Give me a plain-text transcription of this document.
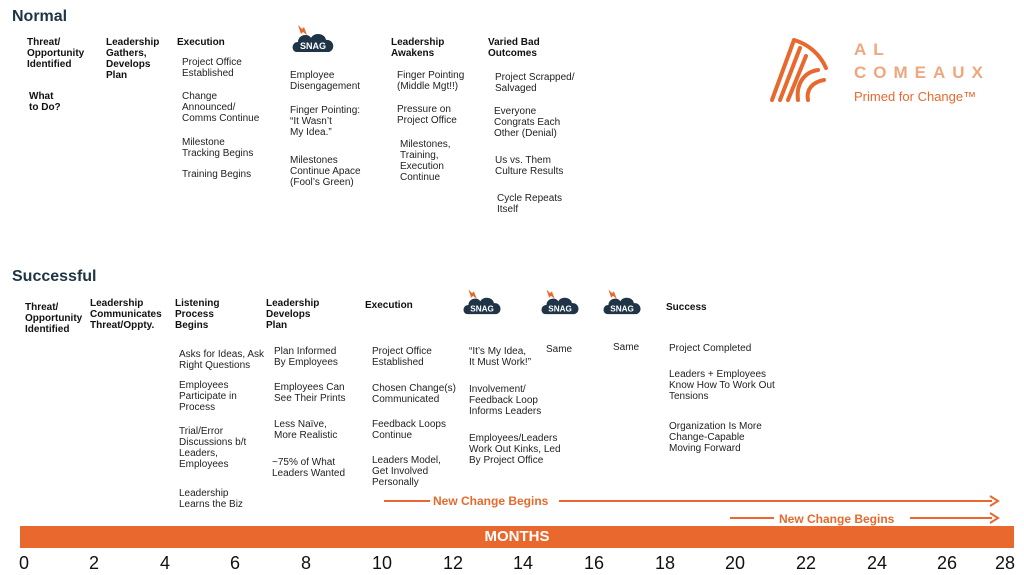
Normal
Threat/
Opportunity
Identified
What
to Do?
Leadership
Gathers,
Develops
Plan
Execution
Project Office
Established
Change
Announced/
Comms Continue
Milestone
Tracking Begins
Training Begins
SNAG
Employee
Disengagement
Finger Pointing:
“It Wasn’t
My Idea.”
Milestones
Continue Apace
(Fool’s Green)
Leadership
Awakens
Finger Pointing
(Middle Mgt!!)
Pressure on
Project Office
Milestones,
Training,
Execution
Continue
Varied Bad
Outcomes
Project Scrapped/
Salvaged
Everyone
Congrats Each
Other (Denial)
Us vs. Them
Culture Results
Cycle Repeats
Itself
AL
COMEAUX
Primed for Change™
Successful
Threat/
Opportunity
Identified
Leadership
Communicates
Threat/Oppty.
Listening
Process
Begins
Asks for Ideas, Ask
Right Questions
Employees
Participate in
Process
Trial/Error
Discussions b/t
Leaders,
Employees
Leadership
Learns the Biz
Leadership
Develops
Plan
Plan Informed
By Employees
Employees Can
See Their Prints
Less Naïve,
More Realistic
~75% of What
Leaders Wanted
Execution
Project Office
Established
Chosen Change(s)
Communicated
Feedback Loops
Continue
Leaders Model,
Get Involved
Personally
SNAG	SNAG	SNAG
“It’s My Idea,
It Must Work!”
Involvement/
Feedback Loop
Informs Leaders
Employees/Leaders
Work Out Kinks, Led
By Project Office
Same	Same
Success
Project Completed
Leaders + Employees
Know How To Work Out
Tensions
Organization Is More
Change-Capable
Moving Forward
New Change Begins
New Change Begins
MONTHS
0	2	4	6	8	10	12	14	16	18	20	22	24	26 28
